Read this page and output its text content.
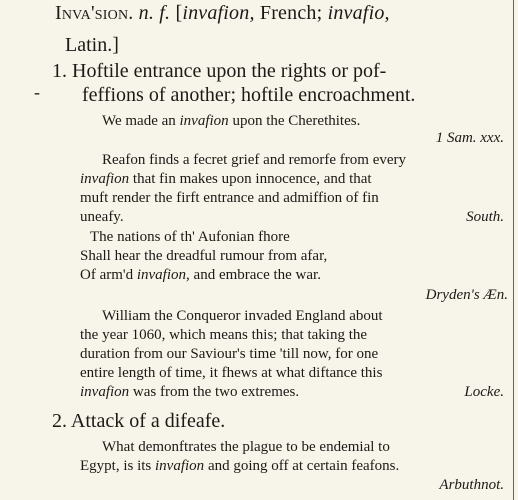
Inva'sion. n. f. [invafion, French; invafio,
Latin.]
1. Hoftile entrance upon the rights or pof-
- feffions of another; hoftile encroachment.
We made an invafion upon the Cherethites.
1 Sam. xxx.
Reafon finds a fecret grief and remorfe from every
invafion that fin makes upon innocence, and that
muft render the firft entrance and admiffion of fin
uneafy.	South.
The nations of th' Aufonian fhore
Shall hear the dreadful rumour from afar,
Of arm'd invafion, and embrace the war.
Dryden's Æn.
William the Conqueror invaded England about
the year 1060, which means this; that taking the
duration from our Saviour's time 'till now, for one
entire length of time, it fhews at what diftance this
invafion was from the two extremes.	Locke.
2. Attack of a difeafe.
What demonftrates the plague to be endemial to
Egypt, is its invafion and going off at certain feafons.
Arbuthnot.
